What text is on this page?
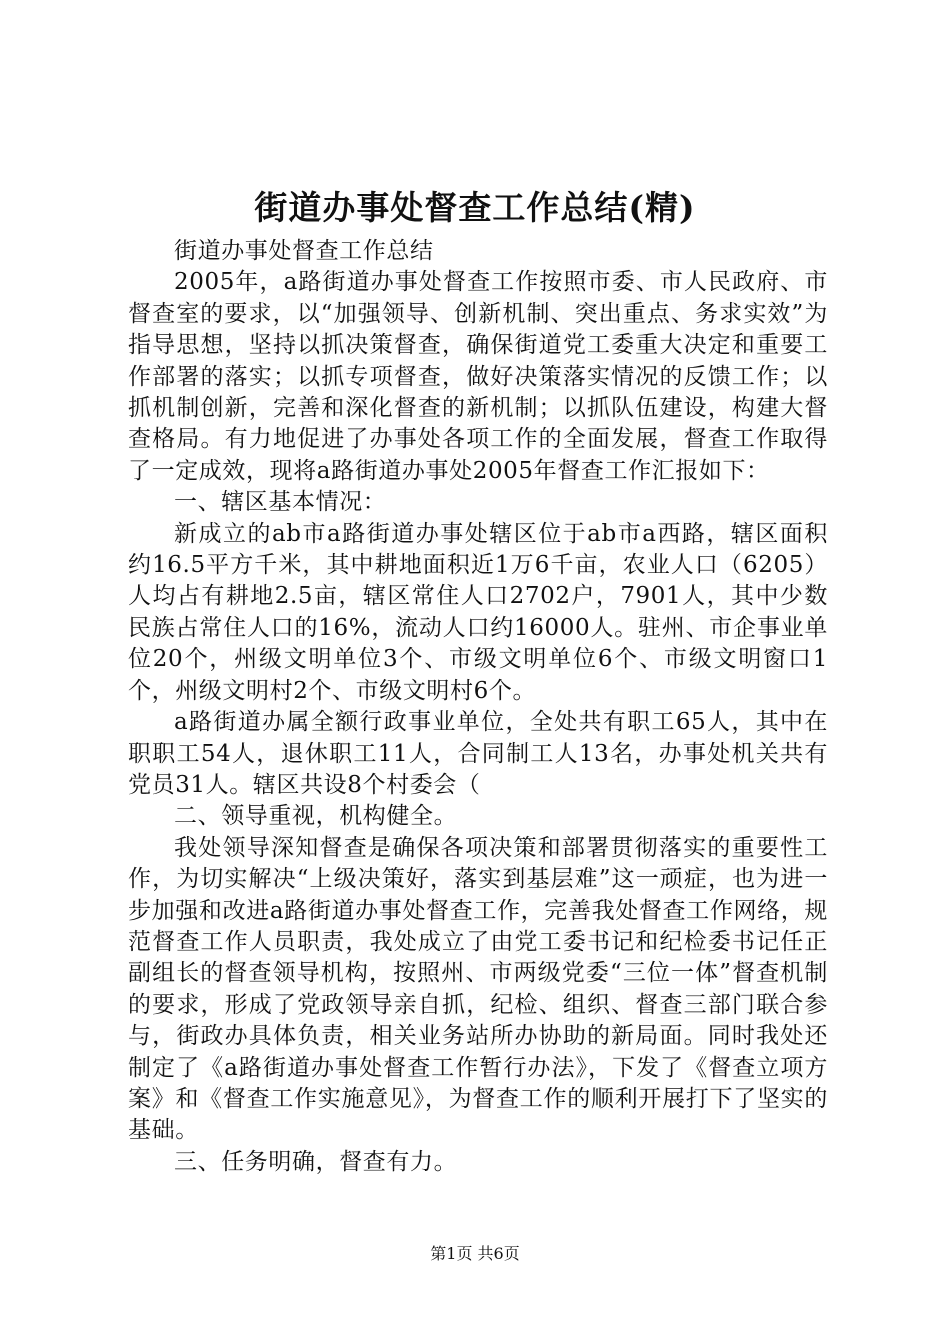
街道办事处督查工作总结(精)

街道办事处督查工作总结

2005年，a路街道办事处督查工作按照市委、市人民政府、市督查室的要求，以“加强领导、创新机制、突出重点、务求实效”为指导思想，坚持以抓决策督查，确保街道党工委重大决定和重要工作部署的落实；以抓专项督查，做好决策落实情况的反馈工作；以抓机制创新，完善和深化督查的新机制；以抓队伍建设，构建大督查格局。有力地促进了办事处各项工作的全面发展，督查工作取得了一定成效，现将a路街道办事处2005年督查工作汇报如下：

一、辖区基本情况：

新成立的ab市a路街道办事处辖区位于ab市a西路，辖区面积约16.5平方千米，其中耕地面积近1万6千亩，农业人口（6205）人均占有耕地2.5亩，辖区常住人口2702户，7901人，其中少数民族占常住人口的16%，流动人口约16000人。驻州、市企事业单位20个，州级文明单位3个、市级文明单位6个、市级文明窗口1个，州级文明村2个、市级文明村6个。

a路街道办属全额行政事业单位，全处共有职工65人，其中在职职工54人，退休职工11人，合同制工人13名，办事处机关共有党员31人。辖区共设8个村委会（

二、领导重视，机构健全。

我处领导深知督查是确保各项决策和部署贯彻落实的重要性工作，为切实解决“上级决策好，落实到基层难”这一顽症，也为进一步加强和改进a路街道办事处督查工作，完善我处督查工作网络，规范督查工作人员职责，我处成立了由党工委书记和纪检委书记任正副组长的督查领导机构，按照州、市两级党委“三位一体”督查机制的要求，形成了党政领导亲自抓，纪检、组织、督查三部门联合参与，街政办具体负责，相关业务站所办协助的新局面。同时我处还制定了《a路街道办事处督查工作暂行办法》，下发了《督查立项方案》和《督查工作实施意见》，为督查工作的顺利开展打下了坚实的基础。

三、任务明确，督查有力。

第1页 共6页
